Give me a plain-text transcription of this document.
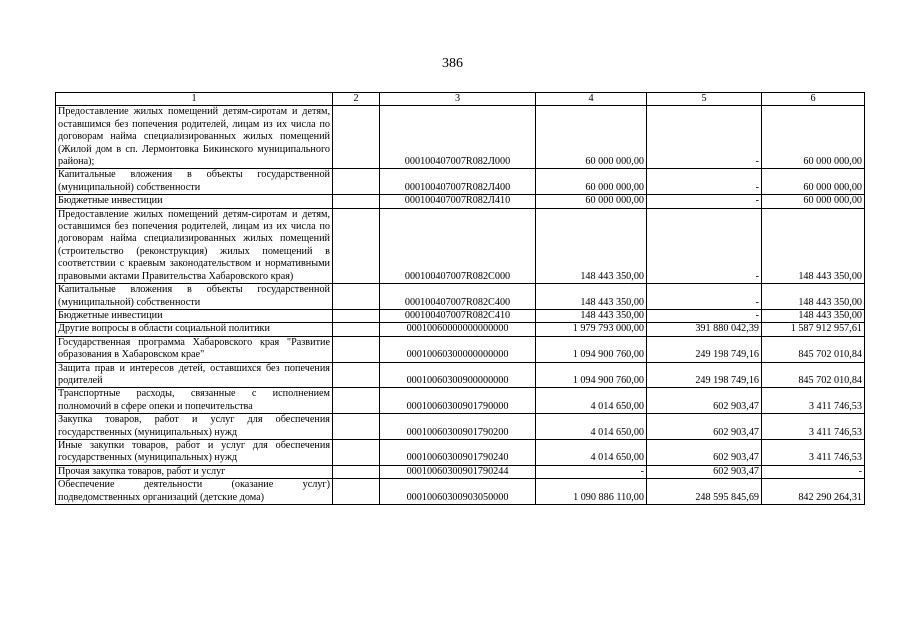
386
1	2	3	4	5	6
Предоставление жилых помещений детям-сиротам и детям, оставшимся без попечения родителей, лицам из их числа по договорам найма специализированных жилых помещений (Жилой дом в сп. Лермонтовка Бикинского муниципального района);		000100407007R082Л000	60 000 000,00	-	60 000 000,00
Капитальные вложения в объекты государственной (муниципальной) собственности		000100407007R082Л400	60 000 000,00	-	60 000 000,00
Бюджетные инвестиции		000100407007R082Л410	60 000 000,00	-	60 000 000,00
Предоставление жилых помещений детям-сиротам и детям, оставшимся без попечения родителей, лицам из их числа по договорам найма специализированных жилых помещений (строительство (реконструкция) жилых помещений в соответствии с краевым законодательством и нормативными правовыми актами Правительства Хабаровского края)		000100407007R082С000	148 443 350,00	-	148 443 350,00
Капитальные вложения в объекты государственной (муниципальной) собственности		000100407007R082С400	148 443 350,00	-	148 443 350,00
Бюджетные инвестиции		000100407007R082С410	148 443 350,00	-	148 443 350,00
Другие вопросы в области социальной политики		00010060000000000000	1 979 793 000,00	391 880 042,39	1 587 912 957,61
Государственная программа Хабаровского края "Развитие образования в Хабаровском крае"		00010060300000000000	1 094 900 760,00	249 198 749,16	845 702 010,84
Защита прав и интересов детей, оставшихся без попечения родителей		00010060300900000000	1 094 900 760,00	249 198 749,16	845 702 010,84
Транспортные расходы, связанные с исполнением полномочий в сфере опеки и попечительства		00010060300901790000	4 014 650,00	602 903,47	3 411 746,53
Закупка товаров, работ и услуг для обеспечения государственных (муниципальных) нужд		00010060300901790200	4 014 650,00	602 903,47	3 411 746,53
Иные закупки товаров, работ и услуг для обеспечения государственных (муниципальных) нужд		00010060300901790240	4 014 650,00	602 903,47	3 411 746,53
Прочая закупка товаров, работ и услуг		00010060300901790244	-	602 903,47	-
Обеспечение деятельности (оказание услуг) подведомственных организаций (детские дома)		00010060300903050000	1 090 886 110,00	248 595 845,69	842 290 264,31
